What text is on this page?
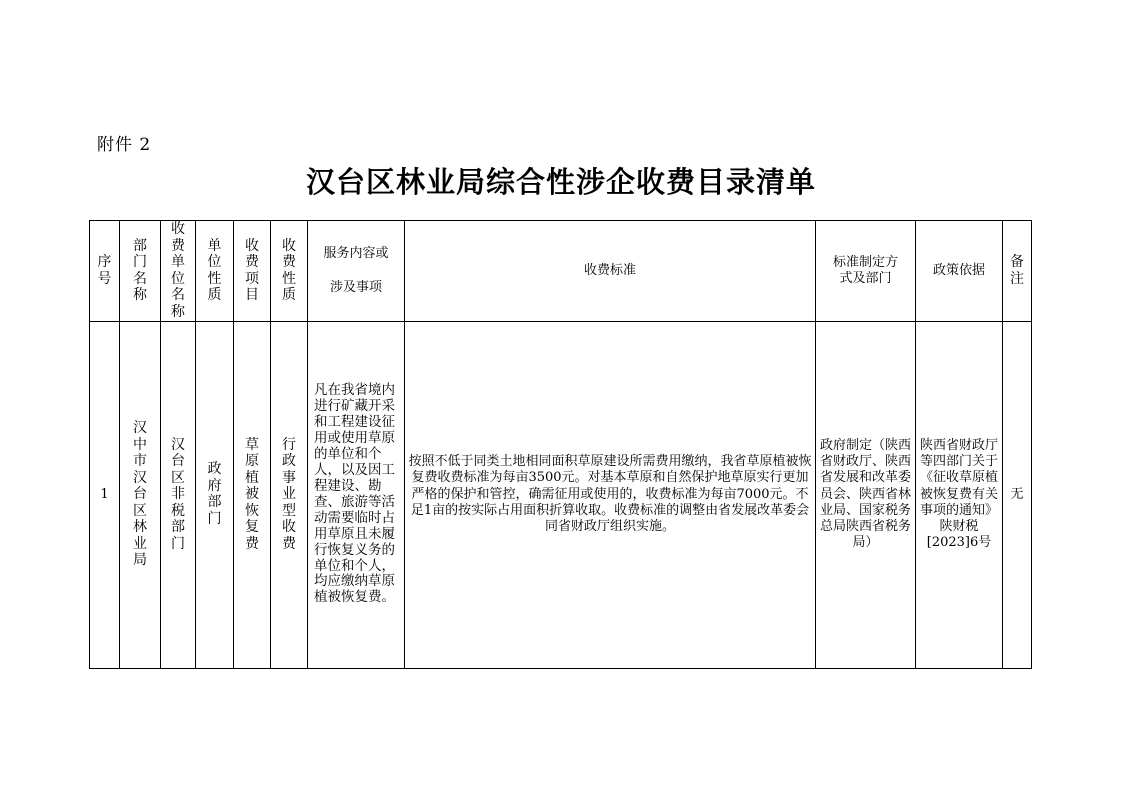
附件 2
汉台区林业局综合性涉企收费目录清单
序号	部门名称	收费单位名称	单位性质	收费项目	收费性质	服务内容或涉及事项	收费标准	标准制定方式及部门	政策依据	备注
1	汉中市汉台区林业局	汉台区非税部门	政府部门	草原植被恢复费	行政事业型收费	凡在我省境内进行矿藏开采和工程建设征用或使用草原的单位和个人，以及因工程建设、勘查、旅游等活动需要临时占用草原且未履行恢复义务的单位和个人，均应缴纳草原植被恢复费。	按照不低于同类土地相同面积草原建设所需费用缴纳，我省草原植被恢复费收费标准为每亩3500元。对基本草原和自然保护地草原实行更加严格的保护和管控，确需征用或使用的，收费标准为每亩7000元。不足1亩的按实际占用面积折算收取。收费标准的调整由省发展改革委会同省财政厅组织实施。	政府制定（陕西省财政厅、陕西省发展和改革委员会、陕西省林业局、国家税务总局陕西省税务局）	陕西省财政厅等四部门关于《征收草原植被恢复费有关事项的通知》陕财税[2023]6号	无
